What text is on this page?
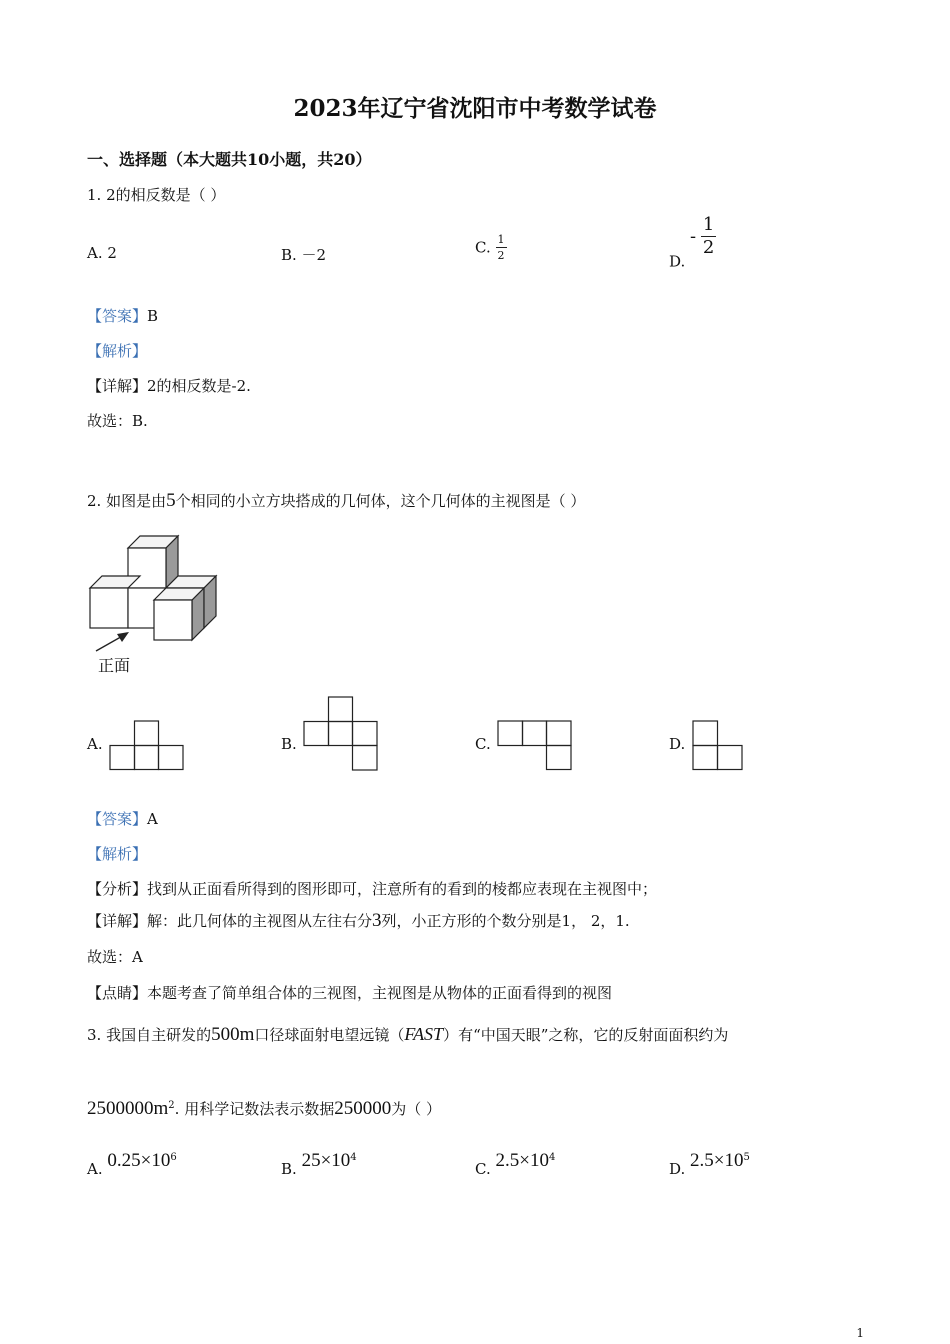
2023年辽宁省沈阳市中考数学试卷
一、选择题（本大题共10小题，共20）
1. 2的相反数是（ ）
A. 2	B. －2	C. $\frac{1}{2}$
D. - $\frac{1}{2}$
【答案】B
【解析】
【详解】2的相反数是-2.
故选：B.
2. 如图是由5个相同的小立方块搭成的几何体，这个几何体的主视图是（ ）
正面
A.	B.	C.	D.
【答案】A
【解析】
【分析】找到从正面看所得到的图形即可，注意所有的看到的棱都应表现在主视图中；
【详解】解：此几何体的主视图从左往右分3列，小正方形的个数分别是1， 2，1.
故选：A
【点睛】本题考查了简单组合体的三视图，主视图是从物体的正面看得到的视图
3. 我国自主研发的500m口径球面射电望远镜（FAST）有“中国天眼”之称，它的反射面面积约为
$2500000m^2$. 用科学记数法表示数据250000为（ ）
A. $0.25\times 10^6$
B. $25\times 10^4$
C. $2.5\times 10^4$
D. $2.5\times 10^5$
1
